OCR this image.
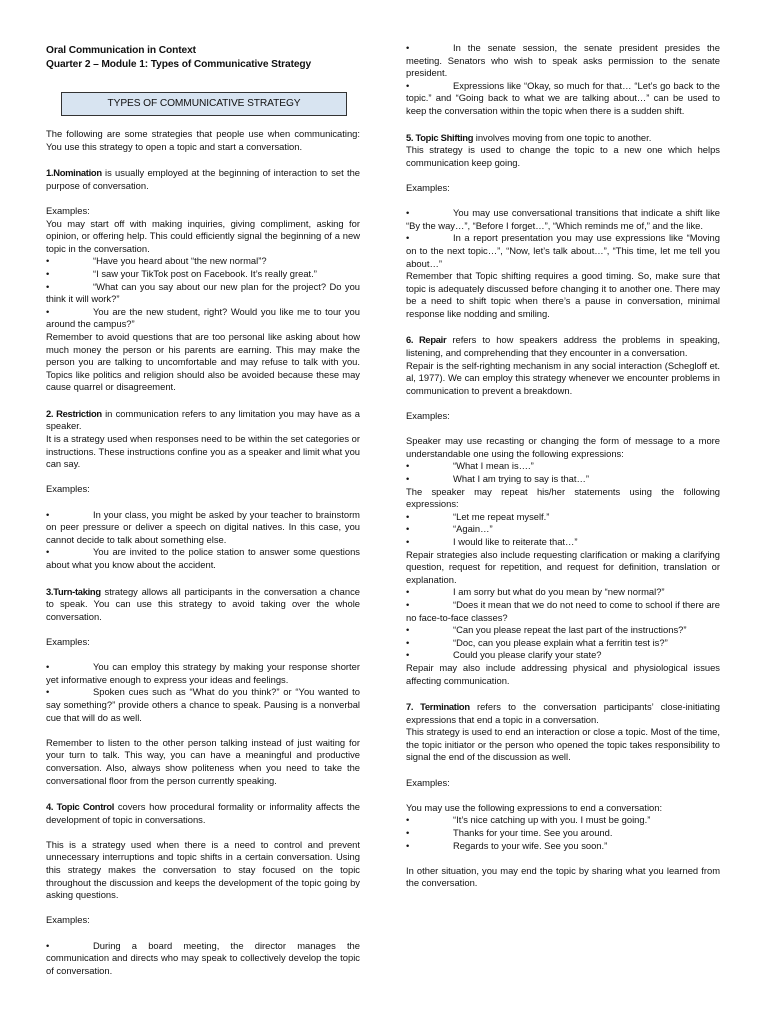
Oral Communication in Context
Quarter 2 – Module 1: Types of Communicative Strategy
TYPES OF COMMUNICATIVE STRATEGY

The following are some strategies that people use when communicating: You use this strategy to open a topic and start a conversation.

1.Nomination is usually employed at the beginning of interaction to set the purpose of conversation.

Examples:

You may start off with making inquiries, giving compliment, asking for opinion, or offering help. This could efficiently signal the beginning of a new topic in the conversation.

•	“Have you heard about “the new normal”?

•	“I saw your TikTok post on Facebook. It’s really great.”

•	“What can you say about our new plan for the project? Do you think it will work?”

•	You are the new student, right? Would you like me to tour you around the campus?”

Remember to avoid questions that are too personal like asking about how much money the person or his parents are earning. This may make the person you are talking to uncomfortable and may refuse to talk with you. Topics like politics and religion should also be avoided because these may cause quarrel or disagreement.

2. Restriction in communication refers to any limitation you may have as a speaker.

It is a strategy used when responses need to be within the set categories or instructions. These instructions confine you as a speaker and limit what you can say.

Examples:

•	In your class, you might be asked by your teacher to brainstorm on peer pressure or deliver a speech on digital natives. In this case, you cannot decide to talk about something else.

•	You are invited to the police station to answer some questions about what you know about the accident.

3.Turn-taking strategy allows all participants in the conversation a chance to speak. You can use this strategy to avoid taking over the whole conversation.

Examples:

•	You can employ this strategy by making your response shorter yet informative enough to express your ideas and feelings.

•	Spoken cues such as “What do you think?” or “You wanted to say something?” provide others a chance to speak. Pausing is a nonverbal cue that will do as well.

Remember to listen to the other person talking instead of just waiting for your turn to talk. This way, you can have a meaningful and productive conversation. Also, always show politeness when you need to take the conversational floor from the person currently speaking.

4. Topic Control covers how procedural formality or informality affects the development of topic in conversations.

This is a strategy used when there is a need to control and prevent unnecessary interruptions and topic shifts in a certain conversation. Using this strategy makes the conversation to stay focused on the topic throughout the discussion and keeps the development of the topic going by asking questions.

Examples:

•	During a board meeting, the director manages the communication and directs who may speak to collectively develop the topic of conversation.

•	In the senate session, the senate president presides the meeting. Senators who wish to speak asks permission to the senate president.

•	Expressions like “Okay, so much for that… “Let’s go back to the topic.” and “Going back to what we are talking about…” can be used to keep the conversation within the topic when there is a sudden shift.

5. Topic Shifting involves moving from one topic to another.

This strategy is used to change the topic to a new one which helps communication keep going.

Examples:

•	You may use conversational transitions that indicate a shift like “By the way…”, “Before I forget…”, “Which reminds me of,” and the like.

•	In a report presentation you may use expressions like “Moving on to the next topic…”, “Now, let’s talk about…”, “This time, let me tell you about…”

Remember that Topic shifting requires a good timing. So, make sure that topic is adequately discussed before changing it to another one. There may be a need to shift topic when there’s a pause in conversation, minimal response like nodding and smiling.

6. Repair refers to how speakers address the problems in speaking, listening, and comprehending that they encounter in a conversation.

Repair is the self-righting mechanism in any social interaction (Schegloff et. al, 1977). We can employ this strategy whenever we encounter problems in communication to prevent a breakdown.

Examples:

Speaker may use recasting or changing the form of message to a more understandable one using the following expressions:

•	“What I mean is….”

•	What I am trying to say is that…”

The speaker may repeat his/her statements using the following expressions:

•	“Let me repeat myself.”

•	“Again…”

•	I would like to reiterate that…”

Repair strategies also include requesting clarification or making a clarifying question, request for repetition, and request for definition, translation or explanation.

•	I am sorry but what do you mean by “new normal?”

•	“Does it mean that we do not need to come to school if there are no face-to-face classes?

•	“Can you please repeat the last part of the instructions?”

•	“Doc, can you please explain what a ferritin test is?”

•	Could you please clarify your state?

Repair may also include addressing physical and physiological issues affecting communication.

7. Termination refers to the conversation participants’ close-initiating expressions that end a topic in a conversation.

This strategy is used to end an interaction or close a topic. Most of the time, the topic initiator or the person who opened the topic takes responsibility to signal the end of the discussion as well.

Examples:

You may use the following expressions to end a conversation:

•	“It’s nice catching up with you. I must be going.”

•	Thanks for your time. See you around.

•	Regards to your wife. See you soon.”

In other situation, you may end the topic by sharing what you learned from the conversation.
